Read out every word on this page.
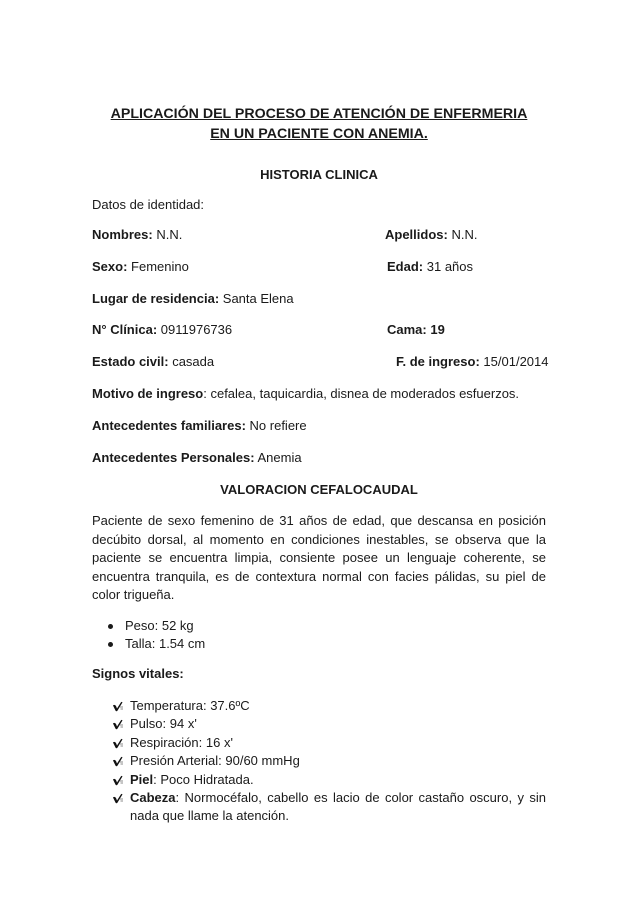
APLICACIÓN DEL PROCESO DE ATENCIÓN DE ENFERMERIA
EN UN PACIENTE CON ANEMIA.

HISTORIA CLINICA

Datos de identidad:

Nombres: N.N.	Apellidos: N.N.

Sexo: Femenino	Edad: 31 años

Lugar de residencia: Santa Elena

N° Clínica: 0911976736	Cama: 19

Estado civil: casada	F. de ingreso: 15/01/2014

Motivo de ingreso: cefalea, taquicardia, disnea de moderados esfuerzos.

Antecedentes familiares: No refiere

Antecedentes Personales: Anemia

VALORACION CEFALOCAUDAL

Paciente de sexo femenino de 31 años de edad, que descansa en posición decúbito dorsal, al momento en condiciones inestables, se observa que la paciente se encuentra limpia, consiente posee un lenguaje coherente, se encuentra tranquila, es de contextura normal con facies pálidas, su piel de color trigueña.

Peso: 52 kg
Talla: 1.54 cm

Signos vitales:

Temperatura: 37.6ºC
Pulso: 94 x'
Respiración: 16 x'
Presión Arterial: 90/60 mmHg
Piel: Poco Hidratada.
Cabeza: Normocéfalo, cabello es lacio de color castaño oscuro, y sin nada que llame la atención.
